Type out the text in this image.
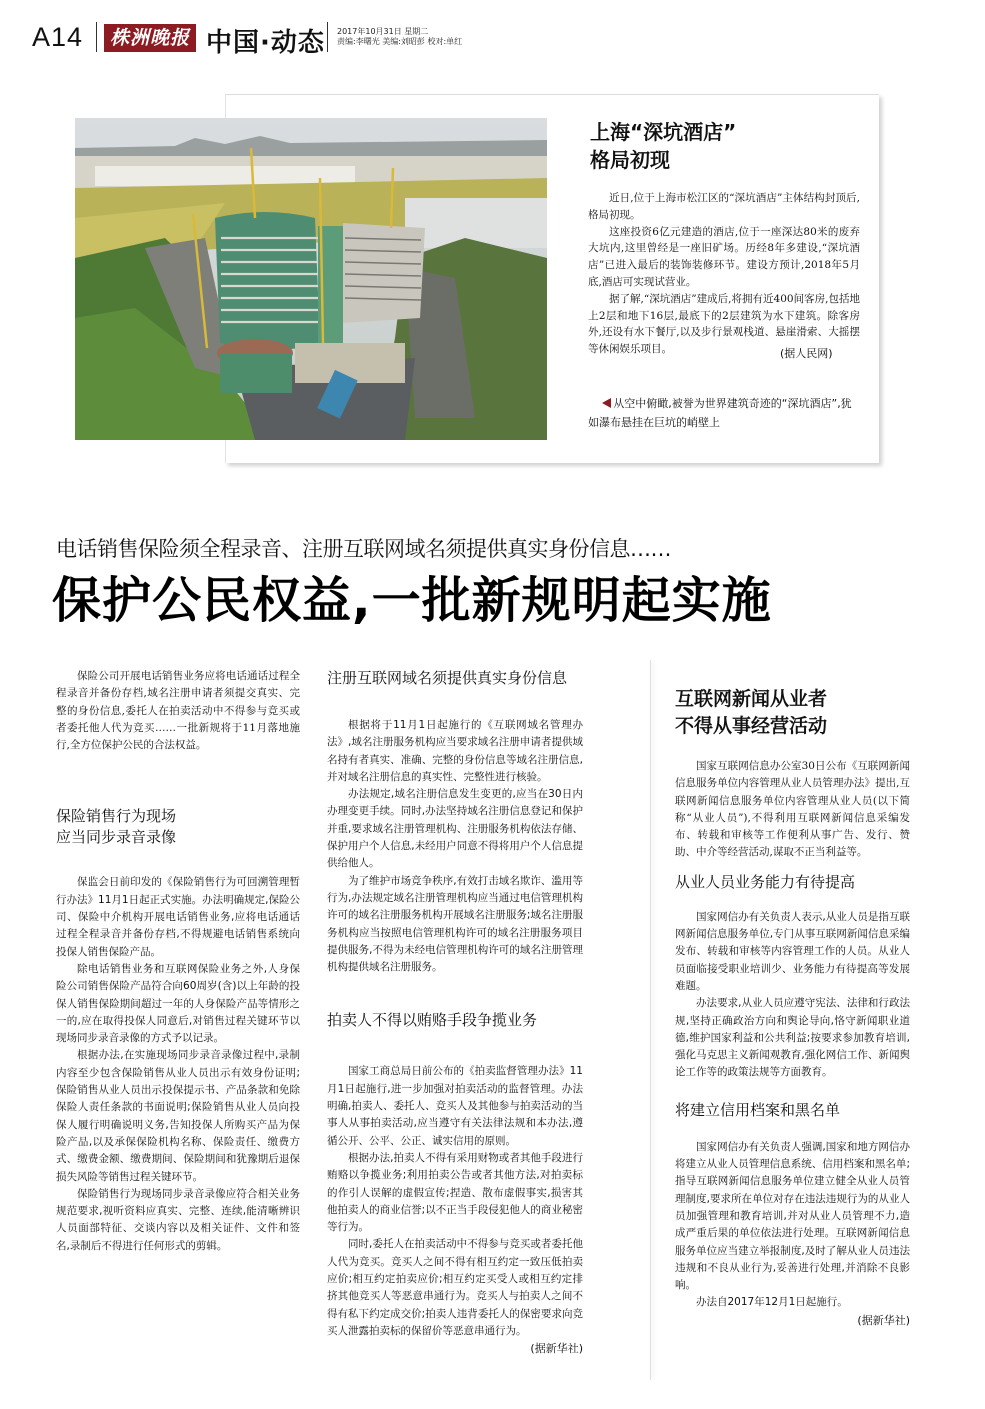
A14	株洲晚报 中国·动态 2017年10月31日 星期二
责编:李曙光 美编:刘昭彭 校对:单红
上海“深坑酒店”
格局初现

近日,位于上海市松江区的“深坑酒店”主体结构封顶后,格局初现。

这座投资6亿元建造的酒店,位于一座深达80米的废弃大坑内,这里曾经是一座旧矿场。历经8年多建设,“深坑酒店”已进入最后的装饰装修环节。建设方预计,2018年5月底,酒店可实现试营业。

据了解,“深坑酒店”建成后,将拥有近400间客房,包括地上2层和地下16层,最底下的2层建筑为水下建筑。除客房外,还设有水下餐厅,以及步行景观栈道、悬崖滑索、大摇摆等休闲娱乐项目。	(据人民网)
从空中俯瞰,被誉为世界建筑奇迹的“深坑酒店”,犹如瀑布悬挂在巨坑的峭壁上
电话销售保险须全程录音、注册互联网域名须提供真实身份信息……
保护公民权益,一批新规明起实施

保险公司开展电话销售业务应将电话通话过程全程录音并备份存档,域名注册申请者须提交真实、完整的身份信息,委托人在拍卖活动中不得参与竞买或者委托他人代为竞买……一批新规将于11月落地施行,全方位保护公民的合法权益。

保险销售行为现场
应当同步录音录像

保监会日前印发的《保险销售行为可回溯管理暂行办法》11月1日起正式实施。办法明确规定,保险公司、保险中介机构开展电话销售业务,应将电话通话过程全程录音并备份存档,不得规避电话销售系统向投保人销售保险产品。

除电话销售业务和互联网保险业务之外,人身保险公司销售保险产品符合向60周岁(含)以上年龄的投保人销售保险期间超过一年的人身保险产品等情形之一的,应在取得投保人同意后,对销售过程关键环节以现场同步录音录像的方式予以记录。

根据办法,在实施现场同步录音录像过程中,录制内容至少包含保险销售从业人员出示有效身份证明;保险销售从业人员出示投保提示书、产品条款和免除保险人责任条款的书面说明;保险销售从业人员向投保人履行明确说明义务,告知投保人所购买产品为保险产品,以及承保保险机构名称、保险责任、缴费方式、缴费金额、缴费期间、保险期间和犹豫期后退保损失风险等销售过程关键环节。

保险销售行为现场同步录音录像应符合相关业务规范要求,视听资料应真实、完整、连续,能清晰辨识人员面部特征、交谈内容以及相关证件、文件和签名,录制后不得进行任何形式的剪辑。

注册互联网域名须提供真实身份信息

根据将于11月1日起施行的《互联网域名管理办法》,域名注册服务机构应当要求域名注册申请者提供域名持有者真实、准确、完整的身份信息等域名注册信息,并对域名注册信息的真实性、完整性进行核验。

办法规定,域名注册信息发生变更的,应当在30日内办理变更手续。同时,办法坚持域名注册信息登记和保护并重,要求域名注册管理机构、注册服务机构依法存储、保护用户个人信息,未经用户同意不得将用户个人信息提供给他人。

为了维护市场竞争秩序,有效打击域名欺诈、滥用等行为,办法规定域名注册管理机构应当通过电信管理机构许可的域名注册服务机构开展域名注册服务;域名注册服务机构应当按照电信管理机构许可的域名注册服务项目提供服务,不得为未经电信管理机构许可的域名注册管理机构提供域名注册服务。

拍卖人不得以贿赂手段争揽业务

国家工商总局日前公布的《拍卖监督管理办法》11月1日起施行,进一步加强对拍卖活动的监督管理。办法明确,拍卖人、委托人、竞买人及其他参与拍卖活动的当事人从事拍卖活动,应当遵守有关法律法规和本办法,遵循公开、公平、公正、诚实信用的原则。

根据办法,拍卖人不得有采用财物或者其他手段进行贿赂以争揽业务;利用拍卖公告或者其他方法,对拍卖标的作引人误解的虚假宣传;捏造、散布虚假事实,损害其他拍卖人的商业信誉;以不正当手段侵犯他人的商业秘密等行为。

同时,委托人在拍卖活动中不得参与竞买或者委托他人代为竞买。竞买人之间不得有相互约定一致压低拍卖应价;相互约定拍卖应价;相互约定买受人或相互约定排挤其他竞买人等恶意串通行为。竞买人与拍卖人之间不得有私下约定成交价;拍卖人违背委托人的保密要求向竞买人泄露拍卖标的保留价等恶意串通行为。

(据新华社)
互联网新闻从业者
不得从事经营活动

国家互联网信息办公室30日公布《互联网新闻信息服务单位内容管理从业人员管理办法》提出,互联网新闻信息服务单位内容管理从业人员(以下简称“从业人员”),不得利用互联网新闻信息采编发布、转载和审核等工作便利从事广告、发行、赞助、中介等经营活动,谋取不正当利益等。

从业人员业务能力有待提高

国家网信办有关负责人表示,从业人员是指互联网新闻信息服务单位,专门从事互联网新闻信息采编发布、转载和审核等内容管理工作的人员。从业人员面临接受职业培训少、业务能力有待提高等发展难题。

办法要求,从业人员应遵守宪法、法律和行政法规,坚持正确政治方向和舆论导向,恪守新闻职业道德,维护国家利益和公共利益;按要求参加教育培训,强化马克思主义新闻观教育,强化网信工作、新闻舆论工作等的政策法规等方面教育。

将建立信用档案和黑名单

国家网信办有关负责人强调,国家和地方网信办将建立从业人员管理信息系统、信用档案和黑名单;指导互联网新闻信息服务单位建立健全从业人员管理制度,要求所在单位对存在违法违规行为的从业人员加强管理和教育培训,并对从业人员管理不力,造成严重后果的单位依法进行处理。互联网新闻信息服务单位应当建立举报制度,及时了解从业人员违法违规和不良从业行为,妥善进行处理,并消除不良影响。

办法自2017年12月1日起施行。

(据新华社)
